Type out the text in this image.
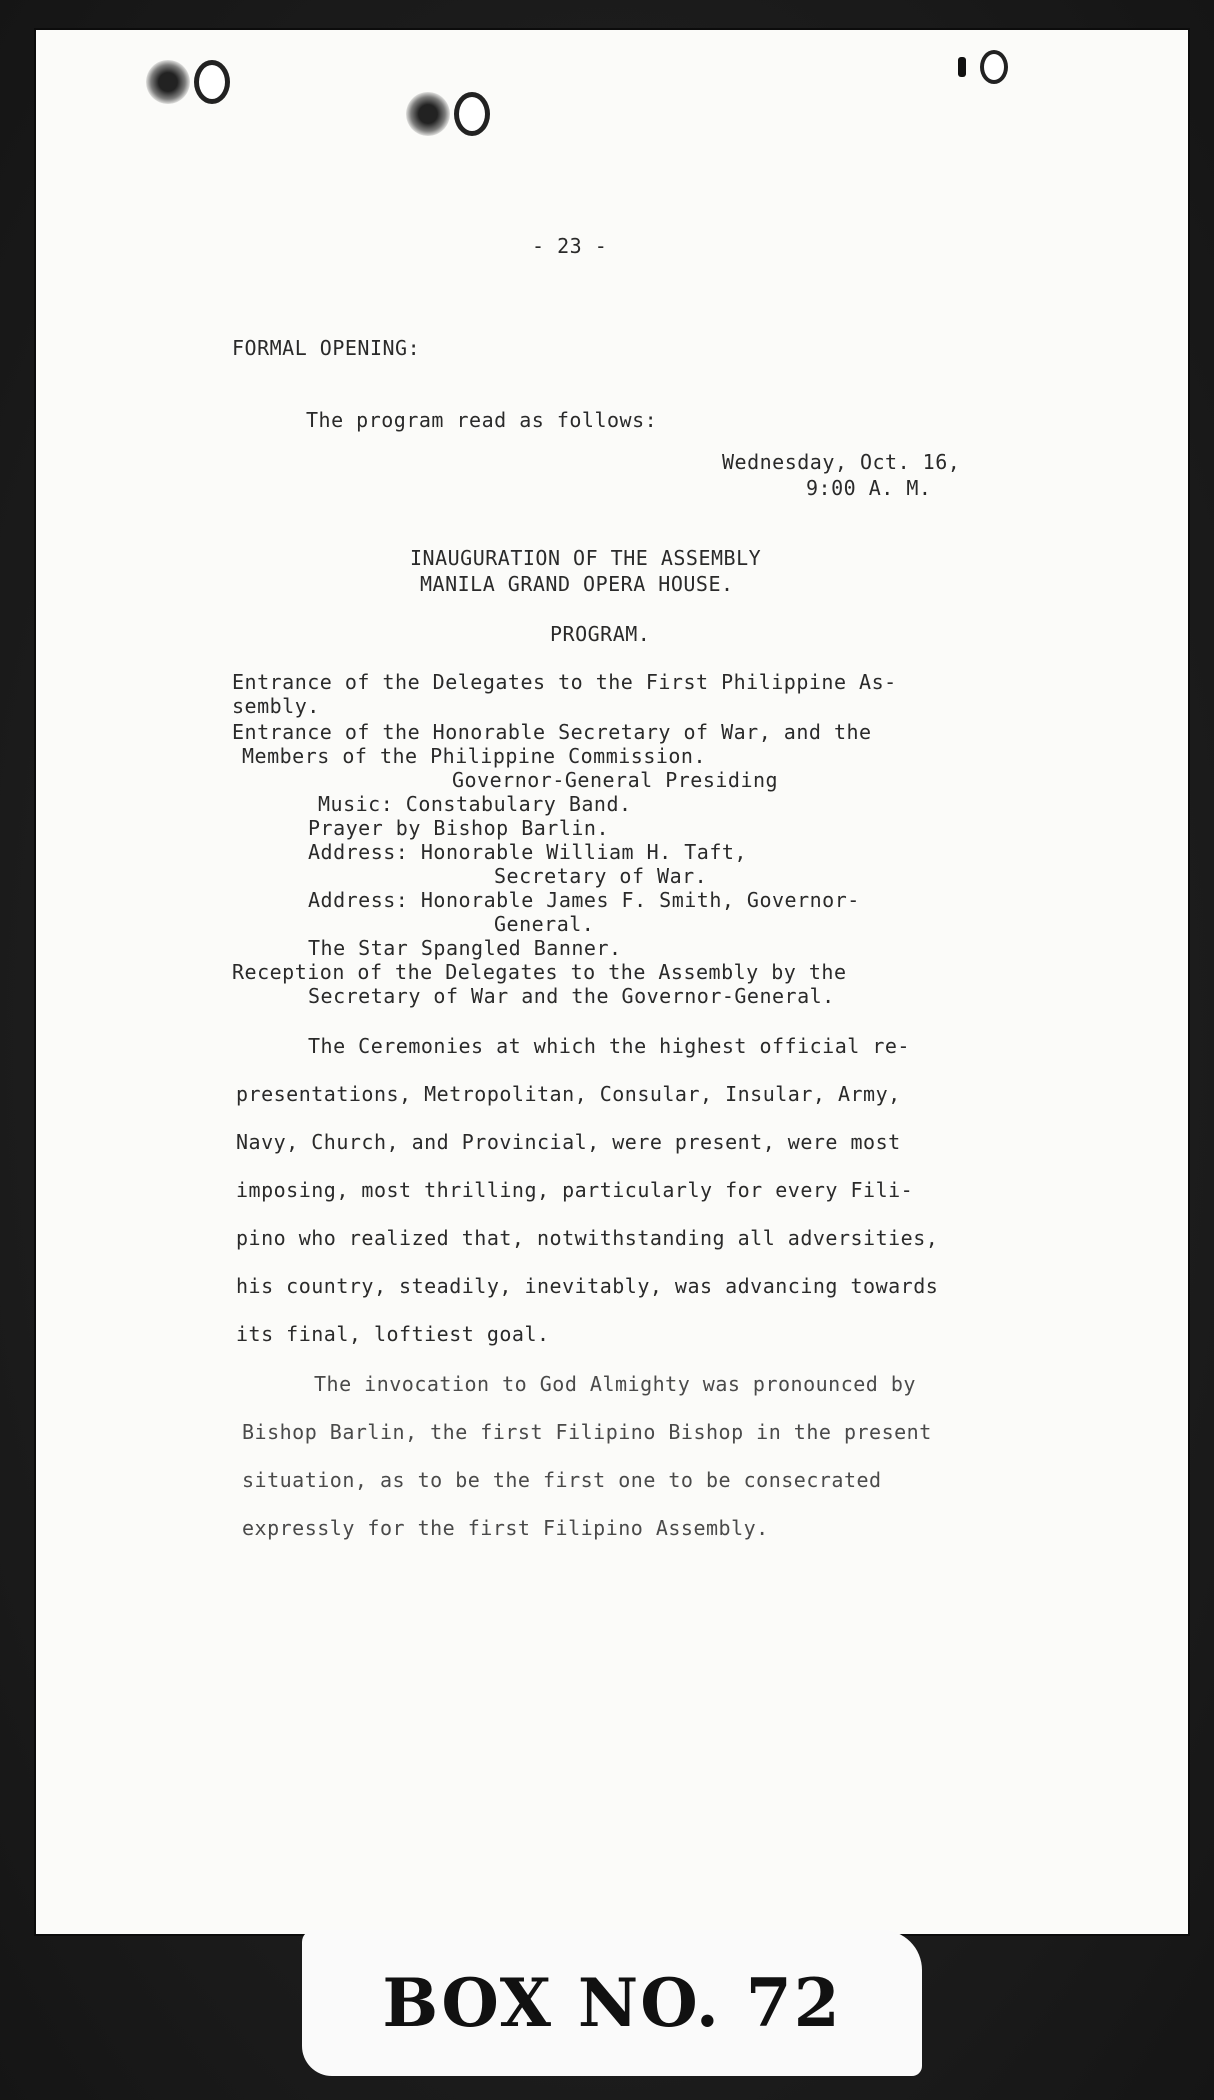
- 23 -
FORMAL OPENING:
The program read as follows:
Wednesday, Oct. 16,
9:00 A. M.
INAUGURATION OF THE ASSEMBLY
MANILA GRAND OPERA HOUSE.
PROGRAM.
Entrance of the Delegates to the First Philippine As-
sembly.
Entrance of the Honorable Secretary of War, and the
Members of the Philippine Commission.
Governor-General Presiding
Music: Constabulary Band.
Prayer by Bishop Barlin.
Address: Honorable William H. Taft,
Secretary of War.
Address: Honorable James F. Smith, Governor-
General.
The Star Spangled Banner.
Reception of the Delegates to the Assembly by the
Secretary of War and the Governor-General.
The Ceremonies at which the highest official re-
presentations, Metropolitan, Consular, Insular, Army,
Navy, Church, and Provincial, were present, were most
imposing, most thrilling, particularly for every Fili-
pino who realized that, notwithstanding all adversities,
his country, steadily, inevitably, was advancing towards
its final, loftiest goal.
The invocation to God Almighty was pronounced by
Bishop Barlin, the first Filipino Bishop in the present
situation, as to be the first one to be consecrated
expressly for the first Filipino Assembly.
BOX NO. 72
